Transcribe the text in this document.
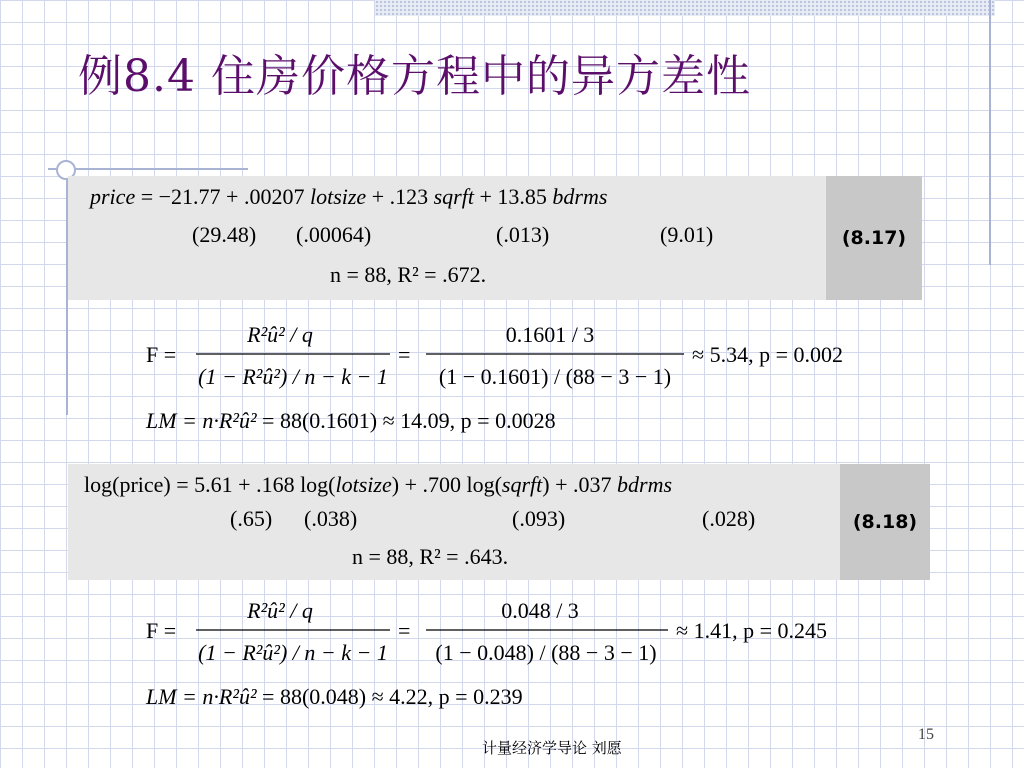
例8.4 住房价格方程中的异方差性
price = −21.77 + .00207 lotsize + .123 sqrft + 13.85 bdrms
(29.48) (.00064)	(.013)	(9.01)
n = 88, R² = .672.
(8.17)
F =
R²û² / q
(1 − R²û²) / n − k − 1
=
0.1601 / 3
(1 − 0.1601) / (88 − 3 − 1)
≈ 5.34, p = 0.002
LM = n·R²û² = 88(0.1601) ≈ 14.09, p = 0.0028
log(price) = 5.61 + .168 log(lotsize) + .700 log(sqrft) + .037 bdrms
(.65) (.038)	(.093)	(.028)
n = 88, R² = .643.
(8.18)
F =
R²û² / q
(1 − R²û²) / n − k − 1
=
0.048 / 3
(1 − 0.048) / (88 − 3 − 1)
≈ 1.41, p = 0.245
LM = n·R²û² = 88(0.048) ≈ 4.22, p = 0.239
计量经济学导论 刘愿
15
